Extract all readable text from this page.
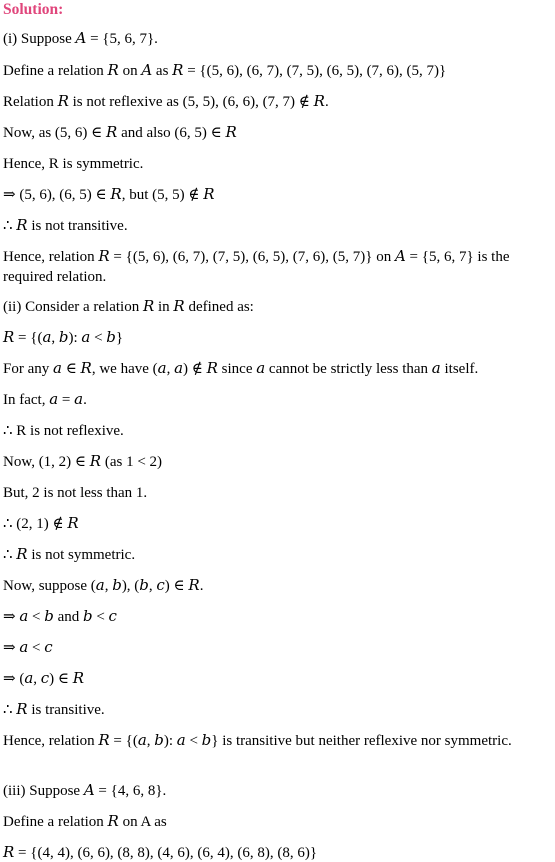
Solution:
(i) Suppose 𝐴 = {5, 6, 7}.
Define a relation 𝑅 on 𝐴 as 𝑅 = {(5, 6), (6, 7), (7, 5), (6, 5), (7, 6), (5, 7)}
Relation 𝑅 is not reflexive as (5, 5), (6, 6), (7, 7) ∉ 𝑅.
Now, as (5, 6) ∈ 𝑅 and also (6, 5) ∈ 𝑅
Hence, R is symmetric.
⇒ (5, 6), (6, 5) ∈ 𝑅, but (5, 5) ∉ 𝑅
∴ 𝑅 is not transitive.
Hence, relation 𝑅 = {(5, 6), (6, 7), (7, 5), (6, 5), (7, 6), (5, 7)} on 𝐴 = {5, 6, 7} is the
required relation.
(ii) Consider a relation 𝑅 in 𝑅 defined as:
𝑅 = {(𝑎, 𝑏): 𝑎 < 𝑏}
For any 𝑎 ∈ 𝑅, we have (𝑎, 𝑎) ∉ 𝑅 since 𝑎 cannot be strictly less than 𝑎 itself.
In fact, 𝑎 = 𝑎.
∴ R is not reflexive.
Now, (1, 2) ∈ 𝑅 (as 1 < 2)
But, 2 is not less than 1.
∴ (2, 1) ∉ 𝑅
∴ 𝑅 is not symmetric.
Now, suppose (𝑎, 𝑏), (𝑏, 𝑐) ∈ 𝑅.
⇒ 𝑎 < 𝑏 and 𝑏 < 𝑐
⇒ 𝑎 < 𝑐
⇒ (𝑎, 𝑐) ∈ 𝑅
∴ 𝑅 is transitive.
Hence, relation 𝑅 = {(𝑎, 𝑏): 𝑎 < 𝑏} is transitive but neither reflexive nor symmetric.
(iii) Suppose 𝐴 = {4, 6, 8}.
Define a relation 𝑅 on A as
𝑅 = {(4, 4), (6, 6), (8, 8), (4, 6), (6, 4), (6, 8), (8, 6)}
